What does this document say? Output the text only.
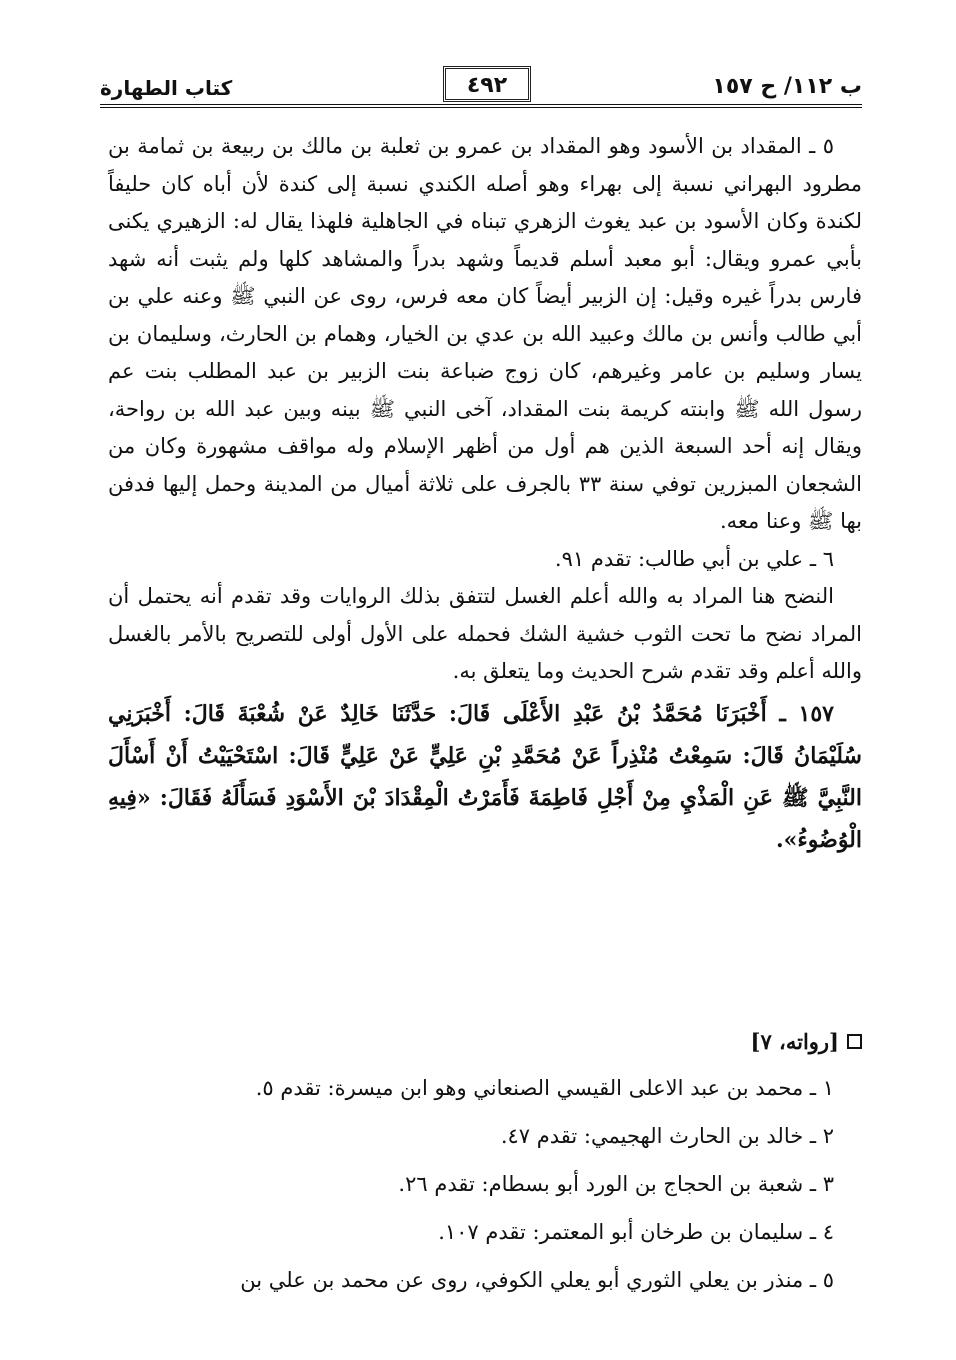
ب ١١٢/ ح ١٥٧
٤٩٢
كتاب الطهارة

٥ ـ المقداد بن الأسود وهو المقداد بن عمرو بن ثعلبة بن مالك بن ربيعة بن ثمامة بن مطرود البهراني نسبة إلى بهراء وهو أصله الكندي نسبة إلى كندة لأن أباه كان حليفاً لكندة وكان الأسود بن عبد يغوث الزهري تبناه في الجاهلية فلهذا يقال له: الزهيري يكنى بأبي عمرو ويقال: أبو معبد أسلم قديماً وشهد بدراً والمشاهد كلها ولم يثبت أنه شهد فارس بدراً غيره وقيل: إن الزبير أيضاً كان معه فرس، روى عن النبي ﷺ وعنه علي بن أبي طالب وأنس بن مالك وعبيد الله بن عدي بن الخيار، وهمام بن الحارث، وسليمان بن يسار وسليم بن عامر وغيرهم، كان زوج ضباعة بنت الزبير بن عبد المطلب بنت عم رسول الله ﷺ وابنته كريمة بنت المقداد، آخى النبي ﷺ بينه وبين عبد الله بن رواحة، ويقال إنه أحد السبعة الذين هم أول من أظهر الإسلام وله مواقف مشهورة وكان من الشجعان المبزرين توفي سنة ٣٣ بالجرف على ثلاثة أميال من المدينة وحمل إليها فدفن بها ﷺ وعنا معه.

٦ ـ علي بن أبي طالب: تقدم ٩١.

النضح هنا المراد به والله أعلم الغسل لتتفق بذلك الروايات وقد تقدم أنه يحتمل أن المراد نضح ما تحت الثوب خشية الشك فحمله على الأول أولى للتصريح بالأمر بالغسل والله أعلم وقد تقدم شرح الحديث وما يتعلق به.

١٥٧ ـ أَخْبَرَنَا مُحَمَّدُ بْنُ عَبْدِ الأَعْلَى قَالَ: حَدَّثَنَا خَالِدٌ عَنْ شُعْبَةَ قَالَ: أَخْبَرَنِي سُلَيْمَانُ قَالَ: سَمِعْتُ مُنْذِراً عَنْ مُحَمَّدِ بْنِ عَلِيٍّ عَنْ عَلِيٍّ قَالَ: اسْتَحْيَيْتُ أَنْ أَسْأَلَ النَّبِيَّ ﷺ عَنِ الْمَذْيِ مِنْ أَجْلِ فَاطِمَةَ فَأَمَرْتُ الْمِقْدَادَ بْنَ الأَسْوَدِ فَسَأَلَهُ فَقَالَ: «فِيهِ الْوُضُوءُ».

[رواته، ٧]
١ ـ محمد بن عبد الاعلى القيسي الصنعاني وهو ابن ميسرة: تقدم ٥.
٢ ـ خالد بن الحارث الهجيمي: تقدم ٤٧.
٣ ـ شعبة بن الحجاج بن الورد أبو بسطام: تقدم ٢٦.
٤ ـ سليمان بن طرخان أبو المعتمر: تقدم ١٠٧.
٥ ـ منذر بن يعلي الثوري أبو يعلي الكوفي، روى عن محمد بن علي بن
